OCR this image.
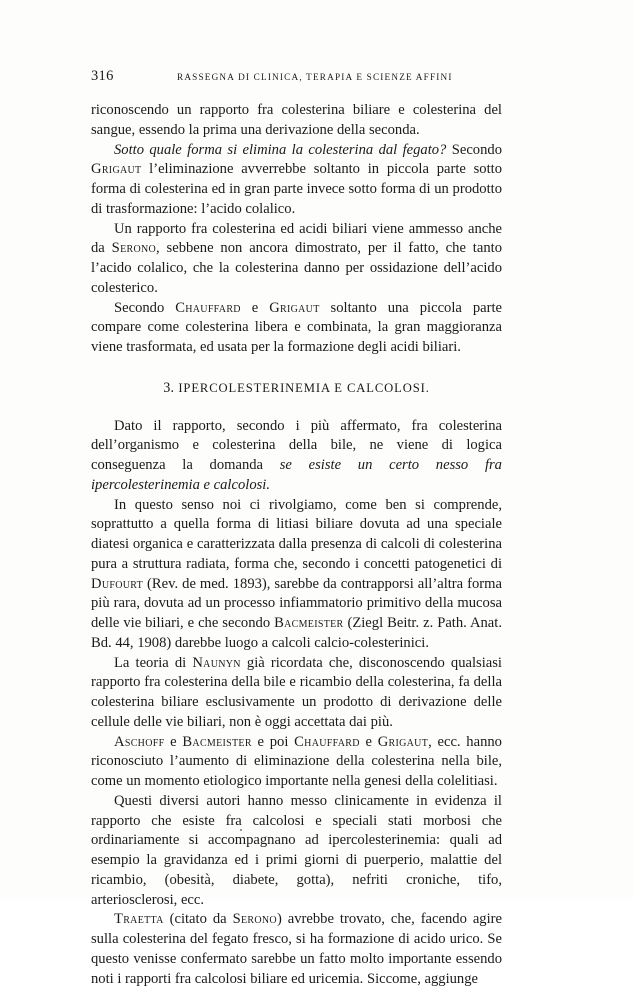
316	RASSEGNA DI CLINICA, TERAPIA E SCIENZE AFFINI

riconoscendo un rapporto fra colesterina biliare e colesterina del sangue, essendo la prima una derivazione della seconda.

Sotto quale forma si elimina la colesterina dal fegato? Secondo Grigaut l’eliminazione avverrebbe soltanto in piccola parte sotto forma di colesterina ed in gran parte invece sotto forma di un prodotto di trasformazione: l’acido colalico.

Un rapporto fra colesterina ed acidi biliari viene ammesso anche da Serono, sebbene non ancora dimostrato, per il fatto, che tanto l’acido colalico, che la colesterina danno per ossidazione dell’acido colesterico.

Secondo Chauffard e Grigaut soltanto una piccola parte compare come colesterina libera e combinata, la gran maggioranza viene trasformata, ed usata per la formazione degli acidi biliari.

3. IPERCOLESTERINEMIA E CALCOLOSI.

Dato il rapporto, secondo i più affermato, fra colesterina dell’organismo e colesterina della bile, ne viene di logica conseguenza la domanda se esiste un certo nesso fra ipercolesterinemia e calcolosi.

In questo senso noi ci rivolgiamo, come ben si comprende, soprattutto a quella forma di litiasi biliare dovuta ad una speciale diatesi organica e caratterizzata dalla presenza di calcoli di colesterina pura a struttura radiata, forma che, secondo i concetti patogenetici di Dufourt (Rev. de med. 1893), sarebbe da contrapporsi all’altra forma più rara, dovuta ad un processo infiammatorio primitivo della mucosa delle vie biliari, e che secondo Bacmeister (Ziegl Beitr. z. Path. Anat. Bd. 44, 1908) darebbe luogo a calcoli calcio-colesterinici.

La teoria di Naunyn già ricordata che, disconoscendo qualsiasi rapporto fra colesterina della bile e ricambio della colesterina, fa della colesterina biliare esclusivamente un prodotto di derivazione delle cellule delle vie biliari, non è oggi accettata dai più.

Aschoff e Bacmeister e poi Chauffard e Grigaut, ecc. hanno riconosciuto l’aumento di eliminazione della colesterina nella bile, come un momento etiologico importante nella genesi della colelitiasi.

Questi diversi autori hanno messo clinicamente in evidenza il rapporto che esiste fra calcolosi e speciali stati morbosi che ordinariamente si accompagnano ad ipercolesterinemia: quali ad esempio la gravidanza ed i primi giorni di puerperio, malattie del ricambio, (obesità, diabete, gotta), nefriti croniche, tifo, arteriosclerosi, ecc.

Traetta (citato da Serono) avrebbe trovato, che, facendo agire sulla colesterina del fegato fresco, si ha formazione di acido urico. Se questo venisse confermato sarebbe un fatto molto importante essendo noti i rapporti fra calcolosi biliare ed uricemia. Siccome, aggiunge
